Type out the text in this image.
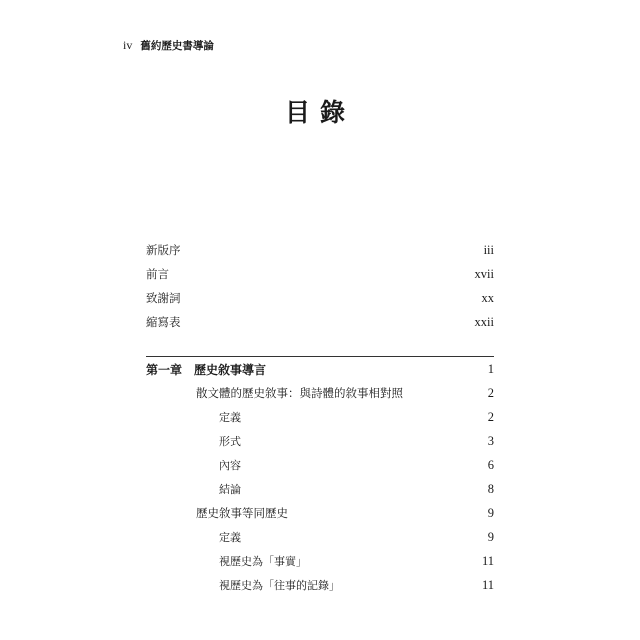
iv 舊約歷史書導論
目錄
新版序	iii
前言	xvii
致謝詞	xx
縮寫表	xxii
第一章　歷史敘事導言	1
散文體的歷史敘事：與詩體的敘事相對照	2
定義	2
形式	3
內容	6
結論	8
歷史敘事等同歷史	9
定義	9
視歷史為「事實」	11
視歷史為「往事的記錄」	11
